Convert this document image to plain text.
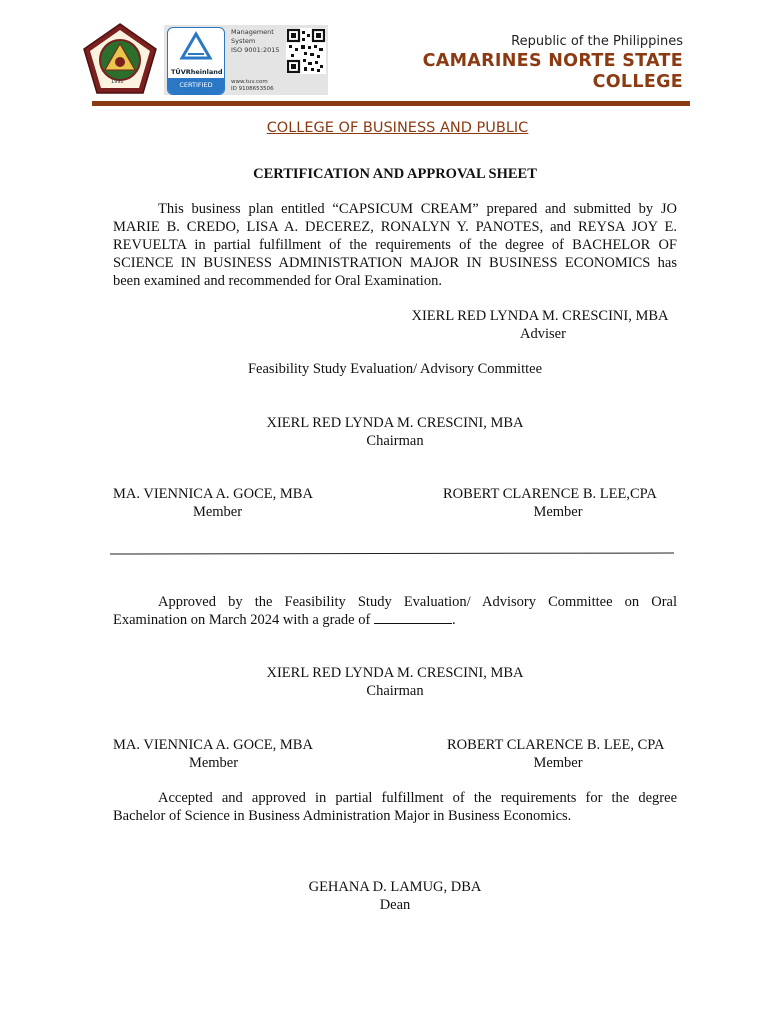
1992
TÜVRheinland
CERTIFIED
Management
System
ISO 9001:2015
www.tuv.com
ID 9108653506
Republic of the Philippines
CAMARINES NORTE STATE
COLLEGE
COLLEGE OF BUSINESS AND PUBLIC
CERTIFICATION AND APPROVAL SHEET
This business plan entitled “CAPSICUM CREAM” prepared and submitted by JO
MARIE B. CREDO, LISA A. DECEREZ, RONALYN Y. PANOTES, and REYSA JOY E.
REVUELTA in partial fulfillment of the requirements of the degree of BACHELOR OF
SCIENCE IN BUSINESS ADMINISTRATION MAJOR IN BUSINESS ECONOMICS has
been examined and recommended for Oral Examination.
XIERL RED LYNDA M. CRESCINI, MBA
Adviser
Feasibility Study Evaluation/ Advisory Committee
XIERL RED LYNDA M. CRESCINI, MBA
Chairman
MA. VIENNICA A. GOCE, MBA
Member
ROBERT CLARENCE B. LEE,CPA
Member
Approved by the Feasibility Study Evaluation/ Advisory Committee on Oral
Examination on March 2024 with a grade of	.
XIERL RED LYNDA M. CRESCINI, MBA
Chairman
MA. VIENNICA A. GOCE, MBA
Member
ROBERT CLARENCE B. LEE, CPA
Member
Accepted and approved in partial fulfillment of the requirements for the degree
Bachelor of Science in Business Administration Major in Business Economics.
GEHANA D. LAMUG, DBA
Dean
